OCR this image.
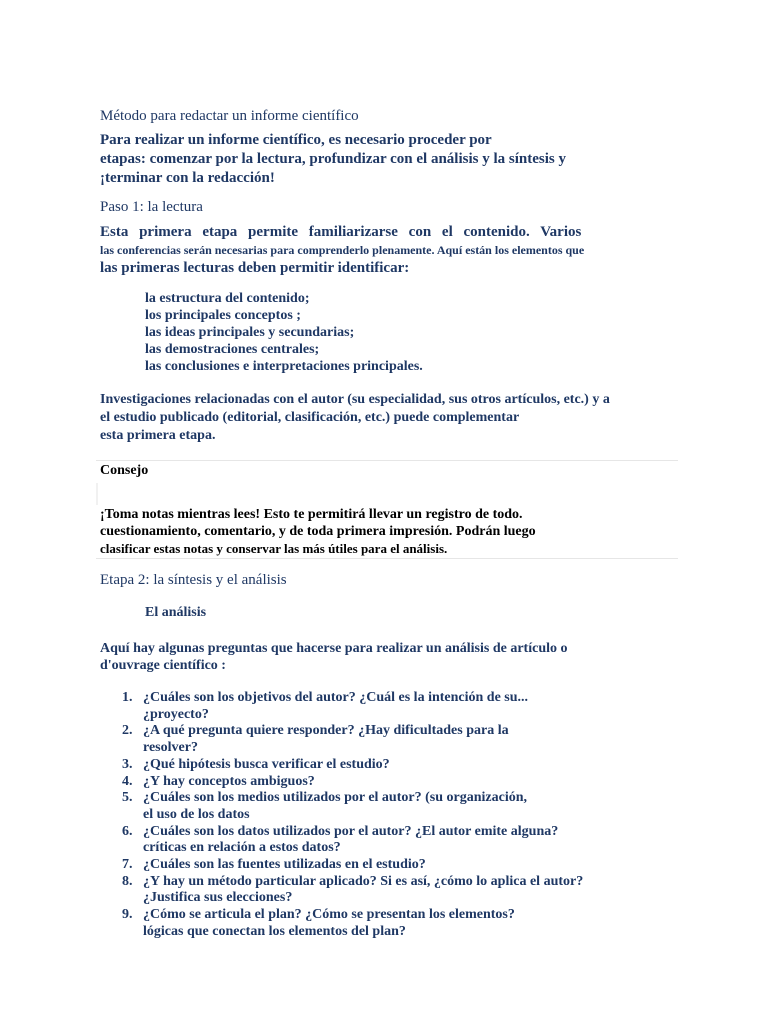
Método para redactar un informe científico
Para realizar un informe científico, es necesario proceder por
etapas: comenzar por la lectura, profundizar con el análisis y la síntesis y
¡terminar con la redacción!
Paso 1: la lectura
Esta primera etapa permite familiarizarse con el contenido. Varios
las conferencias serán necesarias para comprenderlo plenamente. Aquí están los elementos que
las primeras lecturas deben permitir identificar:
la estructura del contenido;
los principales conceptos ;
las ideas principales y secundarias;
las demostraciones centrales;
las conclusiones e interpretaciones principales.
Investigaciones relacionadas con el autor (su especialidad, sus otros artículos, etc.) y a
el estudio publicado (editorial, clasificación, etc.) puede complementar
esta primera etapa.
Consejo
¡Toma notas mientras lees! Esto te permitirá llevar un registro de todo.
cuestionamiento, comentario, y de toda primera impresión. Podrán luego
clasificar estas notas y conservar las más útiles para el análisis.
Etapa 2: la síntesis y el análisis
El análisis
Aquí hay algunas preguntas que hacerse para realizar un análisis de artículo o
d'ouvrage científico :
1. ¿Cuáles son los objetivos del autor? ¿Cuál es la intención de su...
¿proyecto?
2. ¿A qué pregunta quiere responder? ¿Hay dificultades para la
resolver?
3. ¿Qué hipótesis busca verificar el estudio?
4. ¿Y hay conceptos ambiguos?
5. ¿Cuáles son los medios utilizados por el autor? (su organización,
el uso de los datos
6. ¿Cuáles son los datos utilizados por el autor? ¿El autor emite alguna?
críticas en relación a estos datos?
7. ¿Cuáles son las fuentes utilizadas en el estudio?
8. ¿Y hay un método particular aplicado? Si es así, ¿cómo lo aplica el autor?
¿Justifica sus elecciones?
9. ¿Cómo se articula el plan? ¿Cómo se presentan los elementos?
lógicas que conectan los elementos del plan?
